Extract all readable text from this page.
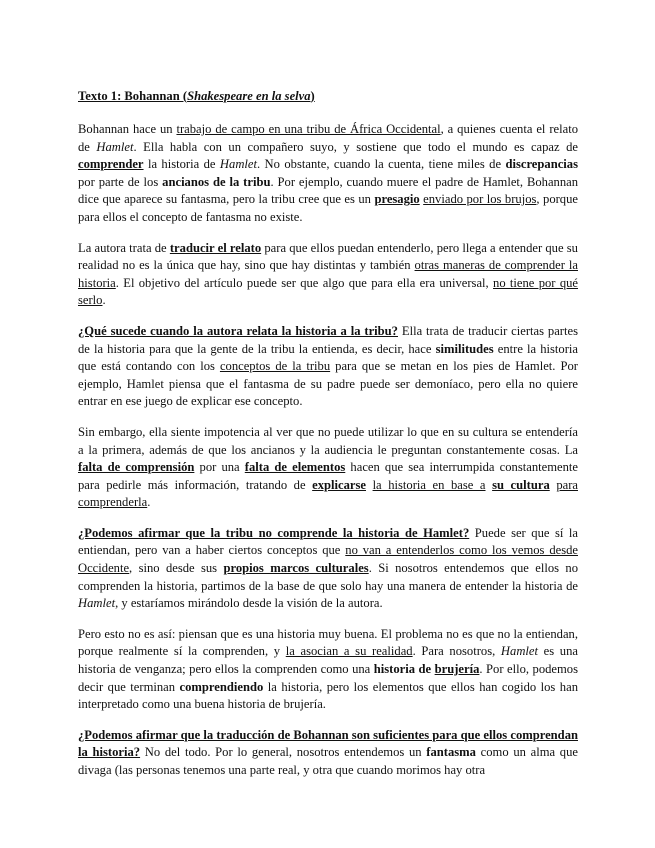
Texto 1: Bohannan (Shakespeare en la selva)

Bohannan hace un trabajo de campo en una tribu de África Occidental, a quienes cuenta el relato de Hamlet. Ella habla con un compañero suyo, y sostiene que todo el mundo es capaz de comprender la historia de Hamlet. No obstante, cuando la cuenta, tiene miles de discrepancias por parte de los ancianos de la tribu. Por ejemplo, cuando muere el padre de Hamlet, Bohannan dice que aparece su fantasma, pero la tribu cree que es un presagio enviado por los brujos, porque para ellos el concepto de fantasma no existe.

La autora trata de traducir el relato para que ellos puedan entenderlo, pero llega a entender que su realidad no es la única que hay, sino que hay distintas y también otras maneras de comprender la historia. El objetivo del artículo puede ser que algo que para ella era universal, no tiene por qué serlo.

¿Qué sucede cuando la autora relata la historia a la tribu? Ella trata de traducir ciertas partes de la historia para que la gente de la tribu la entienda, es decir, hace similitudes entre la historia que está contando con los conceptos de la tribu para que se metan en los pies de Hamlet. Por ejemplo, Hamlet piensa que el fantasma de su padre puede ser demoníaco, pero ella no quiere entrar en ese juego de explicar ese concepto.

Sin embargo, ella siente impotencia al ver que no puede utilizar lo que en su cultura se entendería a la primera, además de que los ancianos y la audiencia le preguntan constantemente cosas. La falta de comprensión por una falta de elementos hacen que sea interrumpida constantemente para pedirle más información, tratando de explicarse la historia en base a su cultura para comprenderla.

¿Podemos afirmar que la tribu no comprende la historia de Hamlet? Puede ser que sí la entiendan, pero van a haber ciertos conceptos que no van a entenderlos como los vemos desde Occidente, sino desde sus propios marcos culturales. Si nosotros entendemos que ellos no comprenden la historia, partimos de la base de que solo hay una manera de entender la historia de Hamlet, y estaríamos mirándolo desde la visión de la autora.

Pero esto no es así: piensan que es una historia muy buena. El problema no es que no la entiendan, porque realmente sí la comprenden, y la asocian a su realidad. Para nosotros, Hamlet es una historia de venganza; pero ellos la comprenden como una historia de brujería. Por ello, podemos decir que terminan comprendiendo la historia, pero los elementos que ellos han cogido los han interpretado como una buena historia de brujería.

¿Podemos afirmar que la traducción de Bohannan son suficientes para que ellos comprendan la historia? No del todo. Por lo general, nosotros entendemos un fantasma como un alma que divaga (las personas tenemos una parte real, y otra que cuando morimos hay otra
